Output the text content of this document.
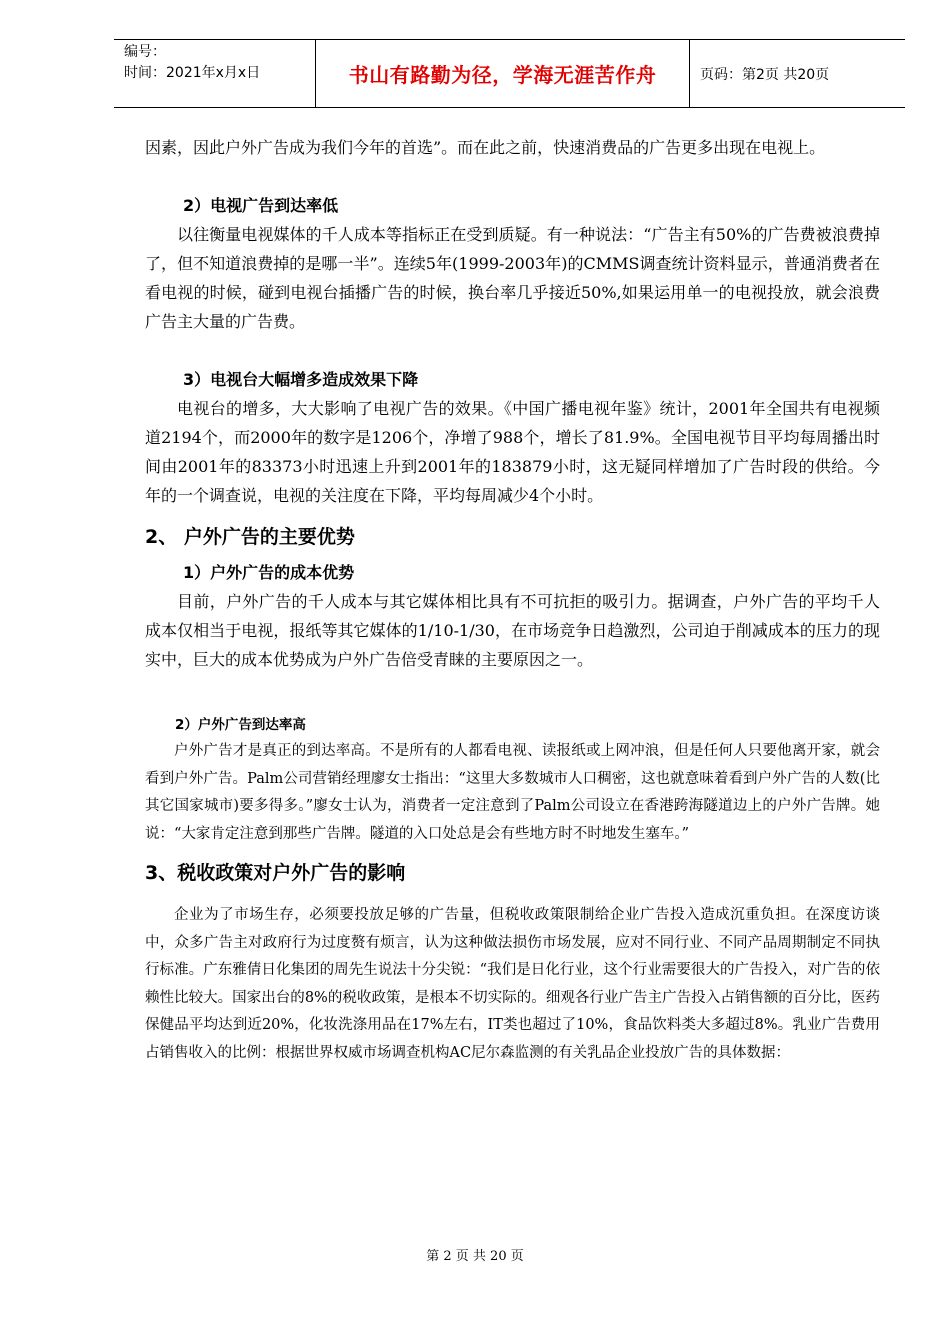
编号：
时间：2021年x月x日	书山有路勤为径，学海无涯苦作舟	页码：第2页 共20页

因素，因此户外广告成为我们今年的首选”。而在此之前，快速消费品的广告更多出现在电视上。

2）电视广告到达率低

以往衡量电视媒体的千人成本等指标正在受到质疑。有一种说法：“广告主有50%的广告费被浪费掉了，但不知道浪费掉的是哪一半”。连续5年(1999-2003年)的CMMS调查统计资料显示，普通消费者在看电视的时候，碰到电视台插播广告的时候，换台率几乎接近50%,如果运用单一的电视投放，就会浪费广告主大量的广告费。

3）电视台大幅增多造成效果下降

电视台的增多，大大影响了电视广告的效果。《中国广播电视年鉴》统计，2001年全国共有电视频道2194个，而2000年的数字是1206个，净增了988个，增长了81.9%。全国电视节目平均每周播出时间由2001年的83373小时迅速上升到2001年的183879小时，这无疑同样增加了广告时段的供给。今年的一个调查说，电视的关注度在下降，平均每周减少4个小时。

2、 户外广告的主要优势

1）户外广告的成本优势

目前，户外广告的千人成本与其它媒体相比具有不可抗拒的吸引力。据调查，户外广告的平均千人成本仅相当于电视，报纸等其它媒体的1/10-1/30，在市场竞争日趋激烈，公司迫于削减成本的压力的现实中，巨大的成本优势成为户外广告倍受青睐的主要原因之一。

2）户外广告到达率高

户外广告才是真正的到达率高。不是所有的人都看电视、读报纸或上网冲浪，但是任何人只要他离开家，就会看到户外广告。Palm公司营销经理廖女士指出：“这里大多数城市人口稠密，这也就意味着看到户外广告的人数(比其它国家城市)要多得多。”廖女士认为，消费者一定注意到了Palm公司设立在香港跨海隧道边上的户外广告牌。她说：“大家肯定注意到那些广告牌。隧道的入口处总是会有些地方时不时地发生塞车。”

3、税收政策对户外广告的影响

企业为了市场生存，必须要投放足够的广告量，但税收政策限制给企业广告投入造成沉重负担。在深度访谈中，众多广告主对政府行为过度赘有烦言，认为这种做法损伤市场发展，应对不同行业、不同产品周期制定不同执行标准。广东雅倩日化集团的周先生说法十分尖锐：“我们是日化行业，这个行业需要很大的广告投入，对广告的依赖性比较大。国家出台的8%的税收政策，是根本不切实际的。细观各行业广告主广告投入占销售额的百分比，医药保健品平均达到近20%，化妆洗涤用品在17%左右，IT类也超过了10%，食品饮料类大多超过8%。乳业广告费用占销售收入的比例：根据世界权威市场调查机构AC尼尔森监测的有关乳品企业投放广告的具体数据：

第 2 页 共 20 页
